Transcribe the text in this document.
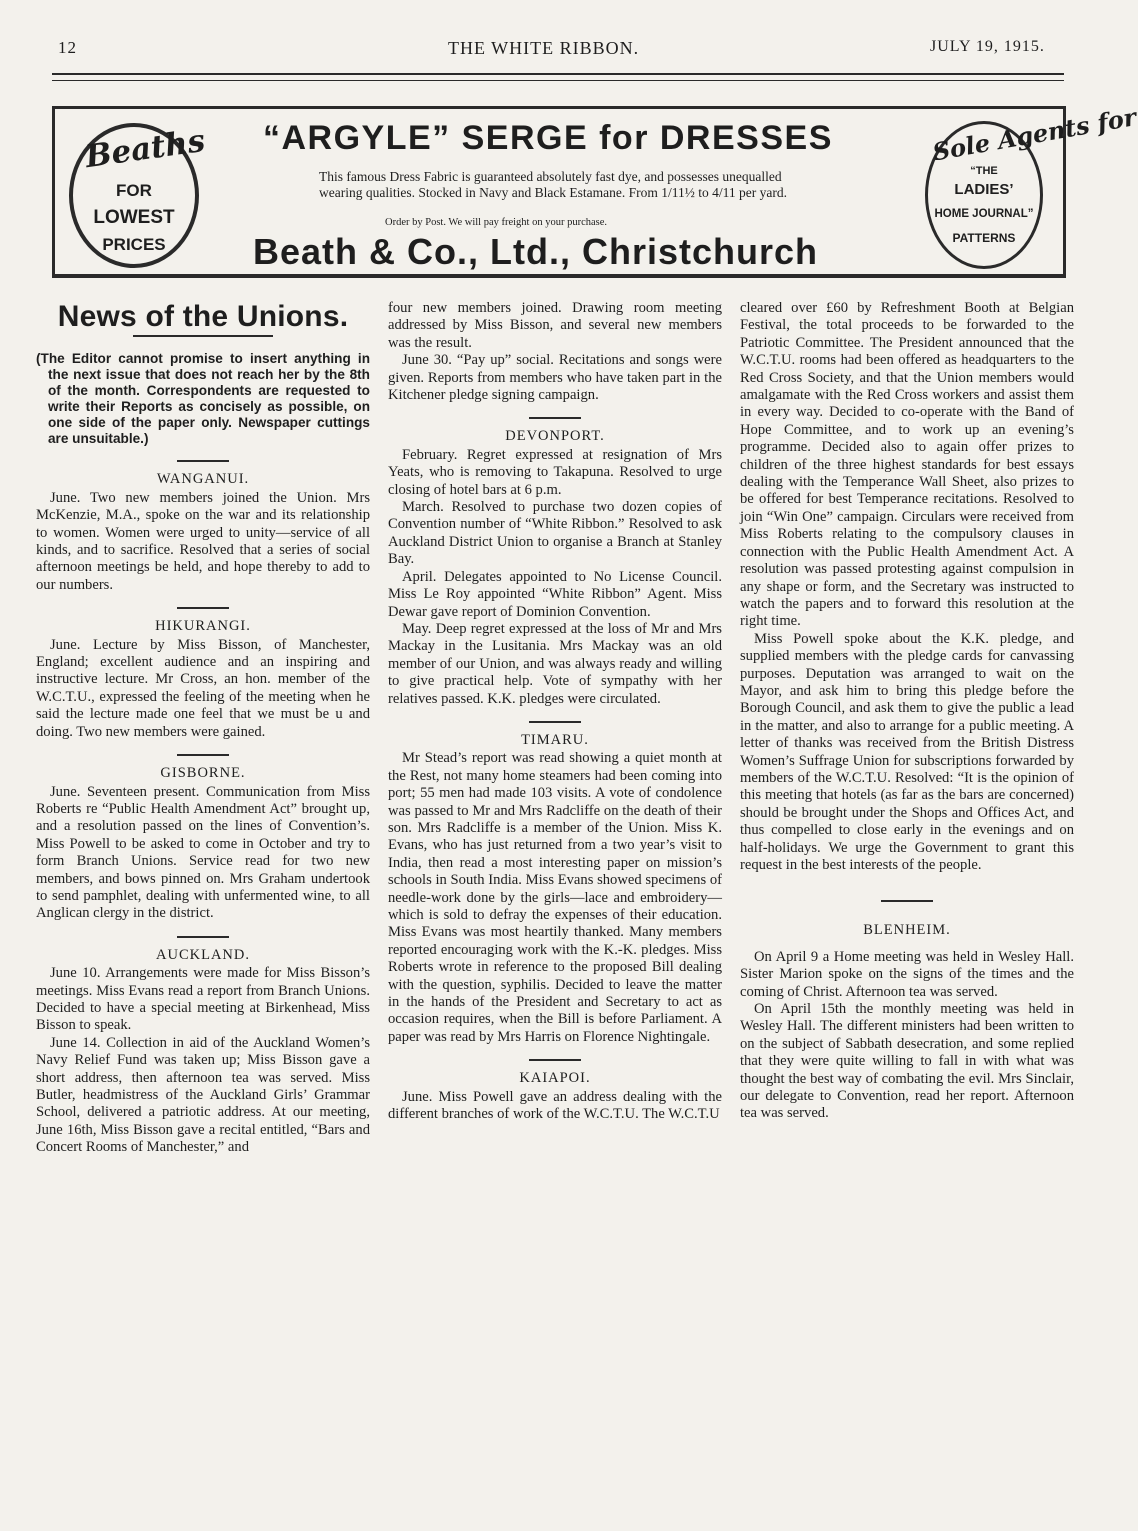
12	THE WHITE RIBBON.	JULY 19, 1915.
Beaths
FOR
LOWEST
PRICES
“ARGYLE” SERGE for DRESSES
This famous Dress Fabric is guaranteed absolutely fast dye, and possesses unequalled wearing qualities. Stocked in Navy and Black Estamane. From 1/11½ to 4/11 per yard.
Order by Post. We will pay freight on your purchase.
Beath & Co., Ltd., Christchurch
Sole Agents for
“THE
LADIES’
HOME JOURNAL”
PATTERNS
News of the Unions.

(The Editor cannot promise to insert anything in the next issue that does not reach her by the 8th of the month. Correspondents are requested to write their Reports as concisely as possible, on one side of the paper only. Newspaper cuttings are unsuitable.)

WANGANUI.

June. Two new members joined the Union. Mrs McKenzie, M.A., spoke on the war and its relationship to women. Women were urged to unity—service of all kinds, and to sacrifice. Resolved that a series of social afternoon meetings be held, and hope thereby to add to our numbers.

HIKURANGI.

June. Lecture by Miss Bisson, of Manchester, England; excellent audience and an inspiring and instructive lecture. Mr Cross, an hon. member of the W.C.T.U., expressed the feeling of the meeting when he said the lecture made one feel that we must be u and doing. Two new members were gained.

GISBORNE.

June. Seventeen present. Communication from Miss Roberts re “Public Health Amendment Act” brought up, and a resolution passed on the lines of Convention’s. Miss Powell to be asked to come in October and try to form Branch Unions. Service read for two new members, and bows pinned on. Mrs Graham undertook to send pamphlet, dealing with unfermented wine, to all Anglican clergy in the district.

AUCKLAND.

June 10. Arrangements were made for Miss Bisson’s meetings. Miss Evans read a report from Branch Unions. Decided to have a special meeting at Birkenhead, Miss Bisson to speak.

June 14. Collection in aid of the Auckland Women’s Navy Relief Fund was taken up; Miss Bisson gave a short address, then afternoon tea was served. Miss Butler, headmistress of the Auckland Girls’ Grammar School, delivered a patriotic address. At our meeting, June 16th, Miss Bisson gave a recital entitled, “Bars and Concert Rooms of Manchester,” and

four new members joined. Drawing room meeting addressed by Miss Bisson, and several new members was the result.

June 30. “Pay up” social. Recitations and songs were given. Reports from members who have taken part in the Kitchener pledge signing campaign.

DEVONPORT.

February. Regret expressed at resignation of Mrs Yeats, who is removing to Takapuna. Resolved to urge closing of hotel bars at 6 p.m.

March. Resolved to purchase two dozen copies of Convention number of “White Ribbon.” Resolved to ask Auckland District Union to organise a Branch at Stanley Bay.

April. Delegates appointed to No License Council. Miss Le Roy appointed “White Ribbon” Agent. Miss Dewar gave report of Dominion Convention.

May. Deep regret expressed at the loss of Mr and Mrs Mackay in the Lusitania. Mrs Mackay was an old member of our Union, and was always ready and willing to give practical help. Vote of sympathy with her relatives passed. K.K. pledges were circulated.

TIMARU.

Mr Stead’s report was read showing a quiet month at the Rest, not many home steamers had been coming into port; 55 men had made 103 visits. A vote of condolence was passed to Mr and Mrs Radcliffe on the death of their son. Mrs Radcliffe is a member of the Union. Miss K. Evans, who has just returned from a two year’s visit to India, then read a most interesting paper on mission’s schools in South India. Miss Evans showed specimens of needle-work done by the girls—lace and embroidery—which is sold to defray the expenses of their education. Miss Evans was most heartily thanked. Many members reported encouraging work with the K.-K. pledges. Miss Roberts wrote in reference to the proposed Bill dealing with the question, syphilis. Decided to leave the matter in the hands of the President and Secretary to act as occasion requires, when the Bill is before Parliament. A paper was read by Mrs Harris on Florence Nightingale.

KAIAPOI.

June. Miss Powell gave an address dealing with the different branches of work of the W.C.T.U. The W.C.T.U

cleared over £60 by Refreshment Booth at Belgian Festival, the total proceeds to be forwarded to the Patriotic Committee. The President announced that the W.C.T.U. rooms had been offered as headquarters to the Red Cross Society, and that the Union members would amalgamate with the Red Cross workers and assist them in every way. Decided to co-operate with the Band of Hope Committee, and to work up an evening’s programme. Decided also to again offer prizes to children of the three highest standards for best essays dealing with the Temperance Wall Sheet, also prizes to be offered for best Temperance recitations. Resolved to join “Win One” campaign. Circulars were received from Miss Roberts relating to the compulsory clauses in connection with the Public Health Amendment Act. A resolution was passed protesting against compulsion in any shape or form, and the Secretary was instructed to watch the papers and to forward this resolution at the right time.

Miss Powell spoke about the K.K. pledge, and supplied members with the pledge cards for canvassing purposes. Deputation was arranged to wait on the Mayor, and ask him to bring this pledge before the Borough Council, and ask them to give the public a lead in the matter, and also to arrange for a public meeting. A letter of thanks was received from the British Distress Women’s Suffrage Union for subscriptions forwarded by members of the W.C.T.U. Resolved: “It is the opinion of this meeting that hotels (as far as the bars are concerned) should be brought under the Shops and Offices Act, and thus compelled to close early in the evenings and on half-holidays. We urge the Government to grant this request in the best interests of the people.

BLENHEIM.

On April 9 a Home meeting was held in Wesley Hall. Sister Marion spoke on the signs of the times and the coming of Christ. Afternoon tea was served.

On April 15th the monthly meeting was held in Wesley Hall. The different ministers had been written to on the subject of Sabbath desecration, and some replied that they were quite willing to fall in with what was thought the best way of combating the evil. Mrs Sinclair, our delegate to Convention, read her report. Afternoon tea was served.
